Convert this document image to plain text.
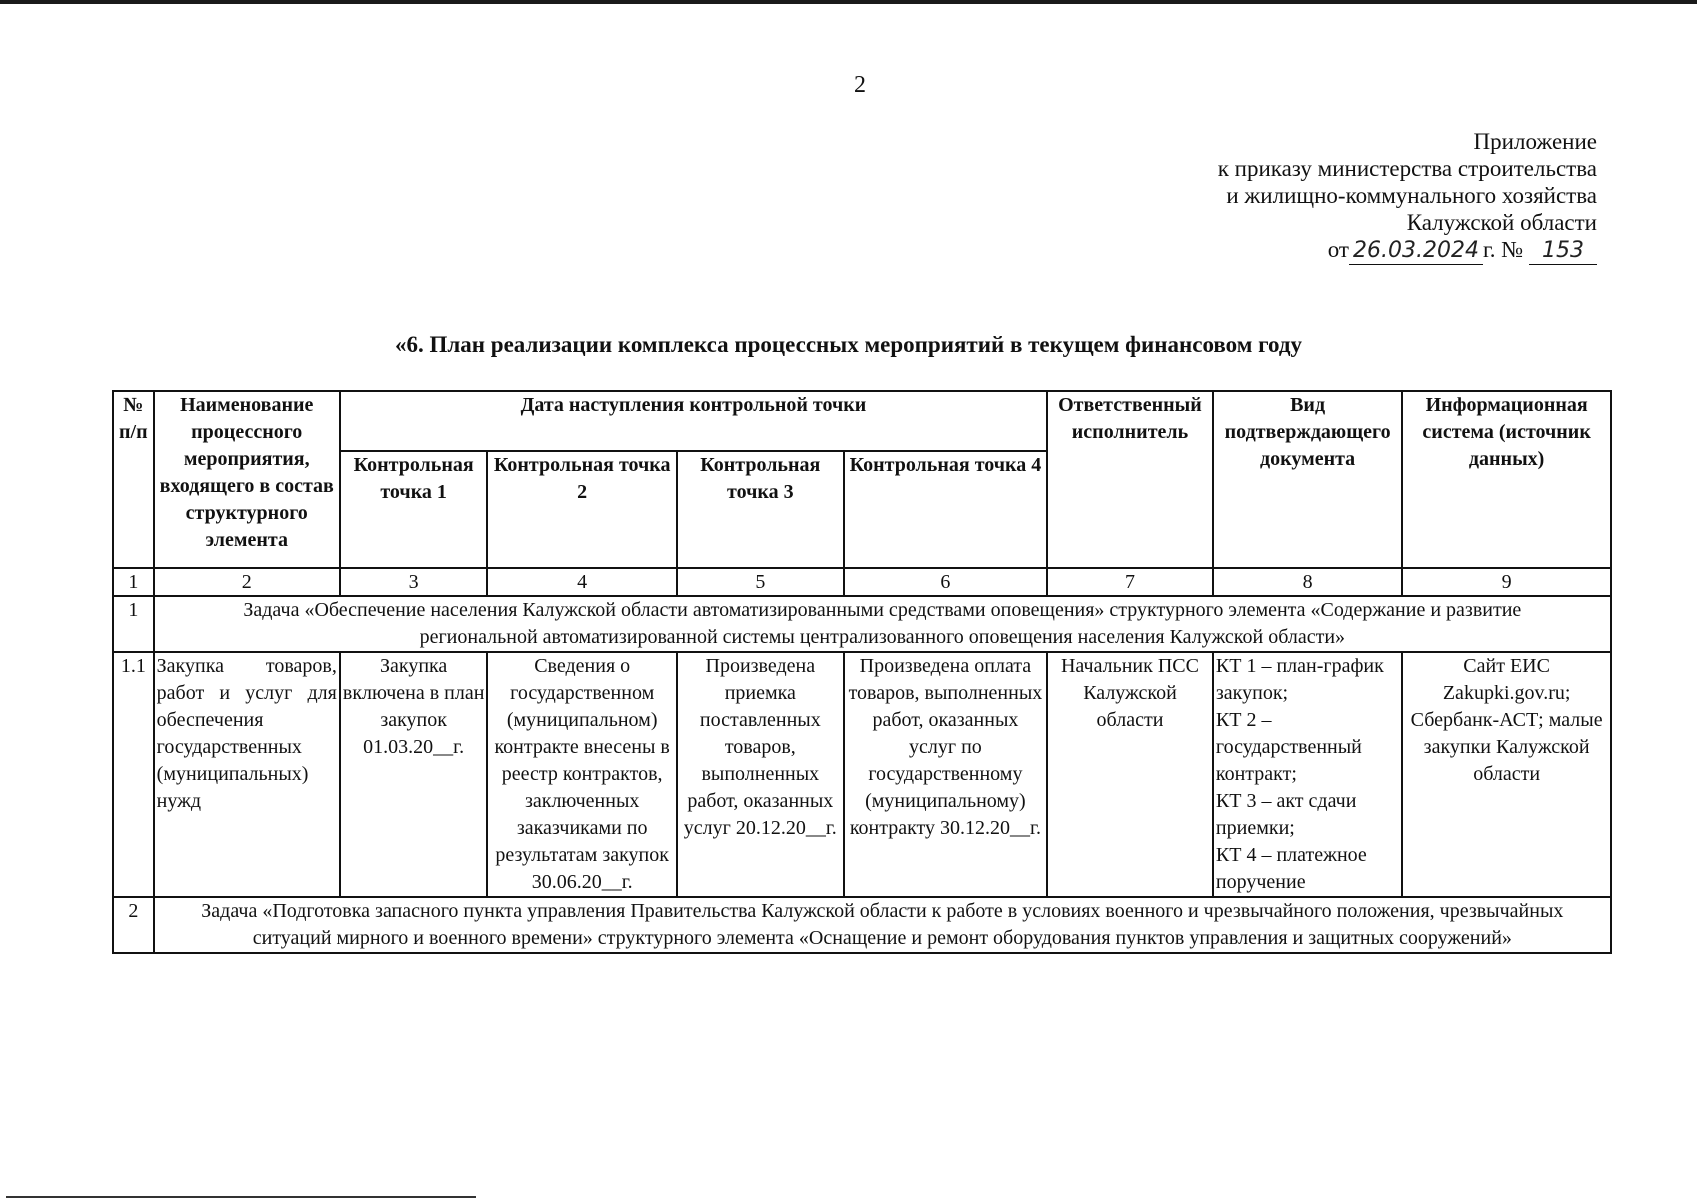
2
Приложение
к приказу министерства строительства
и жилищно-коммунального хозяйства
Калужской области
от 26.03.2024 г. № 153
«6. План реализации комплекса процессных мероприятий в текущем финансовом году
№ п/п	Наименование процессного мероприятия, входящего в состав структурного элемента	Дата наступления контрольной точки				Ответственный исполнитель	Вид подтверждающего документа	Информационная система (источник данных)
		Контрольная точка 1	Контрольная точка 2	Контрольная точка 3	Контрольная точка 4			
1	2	3	4	5	6	7	8	9
1	Задача «Обеспечение населения Калужской области автоматизированными средствами оповещения» структурного элемента «Содержание и развитие региональной автоматизированной системы централизованного оповещения населения Калужской области»							
1.1	Закупка товаров, работ и услуг для обеспечения государственных (муниципальных) нужд	Закупка включена в план закупок 01.03.20__г.	Сведения о государственном (муниципальном) контракте внесены в реестр контрактов, заключенных заказчиками по результатам закупок 30.06.20__г.	Произведена приемка поставленных товаров, выполненных работ, оказанных услуг 20.12.20__г.	Произведена оплата товаров, выполненных работ, оказанных услуг по государственному (муниципальному) контракту 30.12.20__г.	Начальник ПСС Калужской области	КТ 1 – план-график закупок;
КТ 2 – государственный контракт;
КТ 3 – акт сдачи приемки;
КТ 4 – платежное поручение	Сайт ЕИС Zakupki.gov.ru; Сбербанк-АСТ; малые закупки Калужской области
2	Задача «Подготовка запасного пункта управления Правительства Калужской области к работе в условиях военного и чрезвычайного положения, чрезвычайных ситуаций мирного и военного времени» структурного элемента «Оснащение и ремонт оборудования пунктов управления и защитных сооружений»							
